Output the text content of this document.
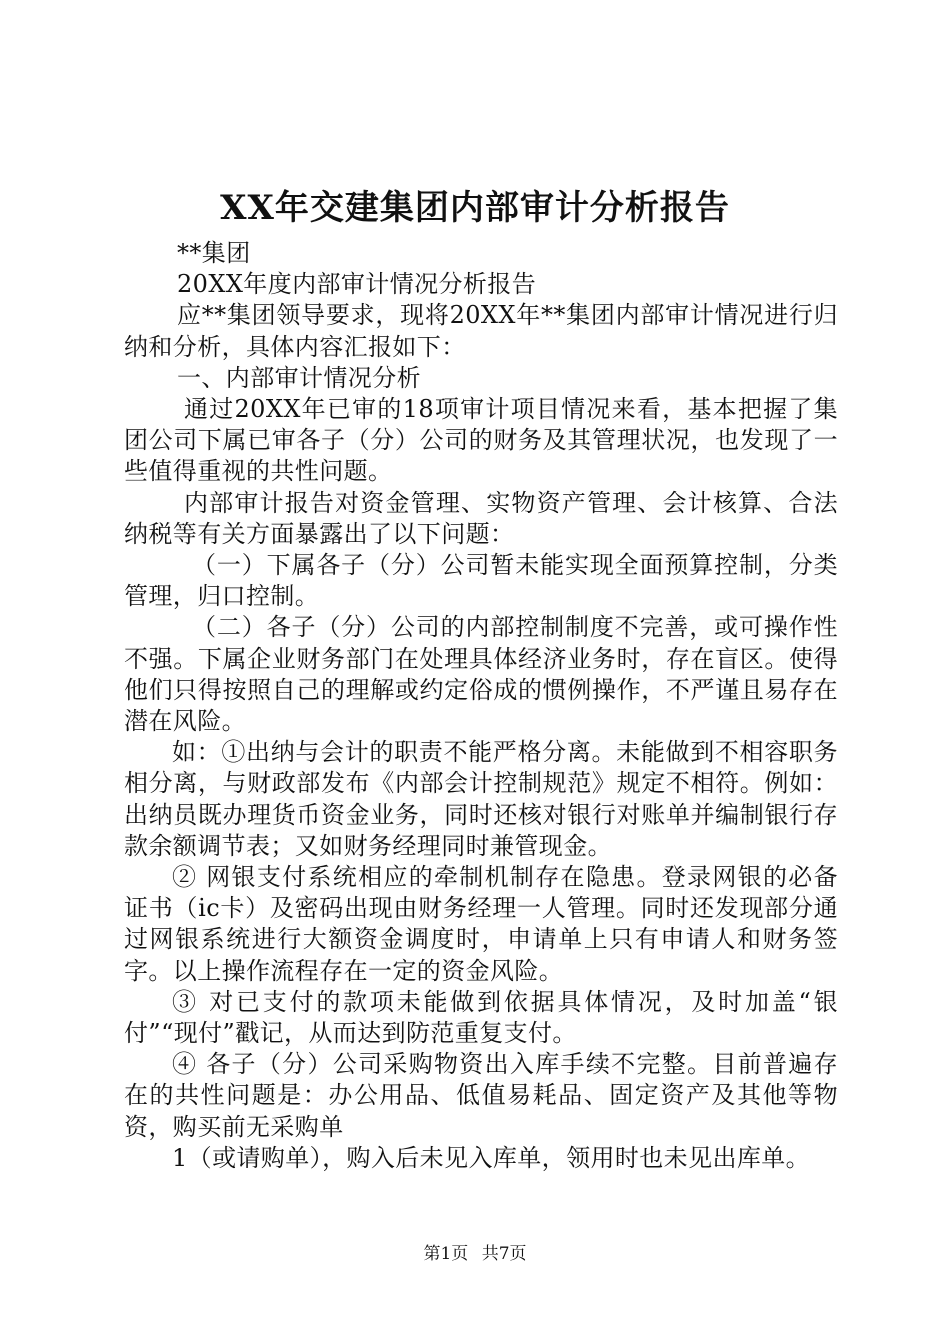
XX年交建集团内部审计分析报告

**集团

20XX年度内部审计情况分析报告

应**集团领导要求，现将20XX年**集团内部审计情况进行归纳和分析，具体内容汇报如下：

一、内部审计情况分析

通过20XX年已审的18项审计项目情况来看，基本把握了集团公司下属已审各子（分）公司的财务及其管理状况，也发现了一些值得重视的共性问题。

内部审计报告对资金管理、实物资产管理、会计核算、合法纳税等有关方面暴露出了以下问题：

（一）下属各子（分）公司暂未能实现全面预算控制，分类管理，归口控制。

（二）各子（分）公司的内部控制制度不完善，或可操作性不强。下属企业财务部门在处理具体经济业务时，存在盲区。使得他们只得按照自己的理解或约定俗成的惯例操作，不严谨且易存在潜在风险。

如：①出纳与会计的职责不能严格分离。未能做到不相容职务相分离，与财政部发布《内部会计控制规范》规定不相符。例如：出纳员既办理货币资金业务，同时还核对银行对账单并编制银行存款余额调节表；又如财务经理同时兼管现金。

② 网银支付系统相应的牵制机制存在隐患。登录网银的必备证书（ic卡）及密码出现由财务经理一人管理。同时还发现部分通过网银系统进行大额资金调度时，申请单上只有申请人和财务签字。以上操作流程存在一定的资金风险。

③ 对已支付的款项未能做到依据具体情况，及时加盖“银付”“现付”戳记，从而达到防范重复支付。

④ 各子（分）公司采购物资出入库手续不完整。目前普遍存在的共性问题是：办公用品、低值易耗品、固定资产及其他等物资，购买前无采购单

1（或请购单），购入后未见入库单，领用时也未见出库单。

第1页 共7页
